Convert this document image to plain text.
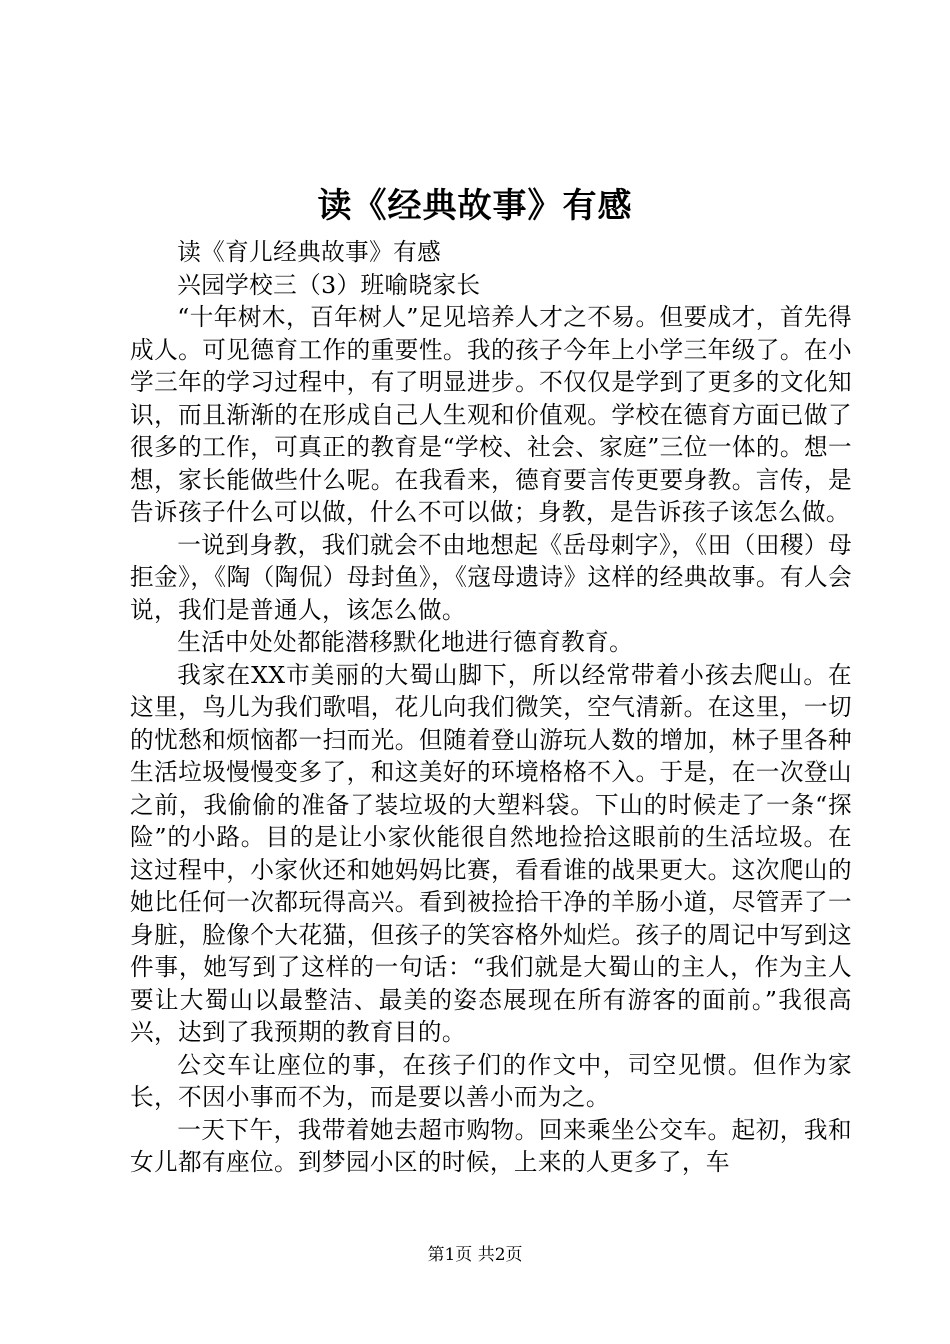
读《经典故事》有感

读《育儿经典故事》有感

兴园学校三（3）班喻晓家长

“十年树木，百年树人”足见培养人才之不易。但要成才，首先得成人。可见德育工作的重要性。我的孩子今年上小学三年级了。在小学三年的学习过程中，有了明显进步。不仅仅是学到了更多的文化知识，而且渐渐的在形成自己人生观和价值观。学校在德育方面已做了很多的工作，可真正的教育是“学校、社会、家庭”三位一体的。想一想，家长能做些什么呢。在我看来，德育要言传更要身教。言传，是告诉孩子什么可以做，什么不可以做；身教，是告诉孩子该怎么做。

一说到身教，我们就会不由地想起《岳母刺字》，《田（田稷）母拒金》，《陶（陶侃）母封鱼》，《寇母遗诗》这样的经典故事。有人会说，我们是普通人，该怎么做。

生活中处处都能潜移默化地进行德育教育。

我家在XX市美丽的大蜀山脚下，所以经常带着小孩去爬山。在这里，鸟儿为我们歌唱，花儿向我们微笑，空气清新。在这里，一切的忧愁和烦恼都一扫而光。但随着登山游玩人数的增加，林子里各种生活垃圾慢慢变多了，和这美好的环境格格不入。于是，在一次登山之前，我偷偷的准备了装垃圾的大塑料袋。下山的时候走了一条“探险”的小路。目的是让小家伙能很自然地捡拾这眼前的生活垃圾。在这过程中，小家伙还和她妈妈比赛，看看谁的战果更大。这次爬山的她比任何一次都玩得高兴。看到被捡拾干净的羊肠小道，尽管弄了一身脏，脸像个大花猫，但孩子的笑容格外灿烂。孩子的周记中写到这件事，她写到了这样的一句话：“我们就是大蜀山的主人，作为主人要让大蜀山以最整洁、最美的姿态展现在所有游客的面前。”我很高兴，达到了我预期的教育目的。

公交车让座位的事，在孩子们的作文中，司空见惯。但作为家长，不因小事而不为，而是要以善小而为之。

一天下午，我带着她去超市购物。回来乘坐公交车。起初，我和女儿都有座位。到梦园小区的时候，上来的人更多了，车

第1页 共2页
